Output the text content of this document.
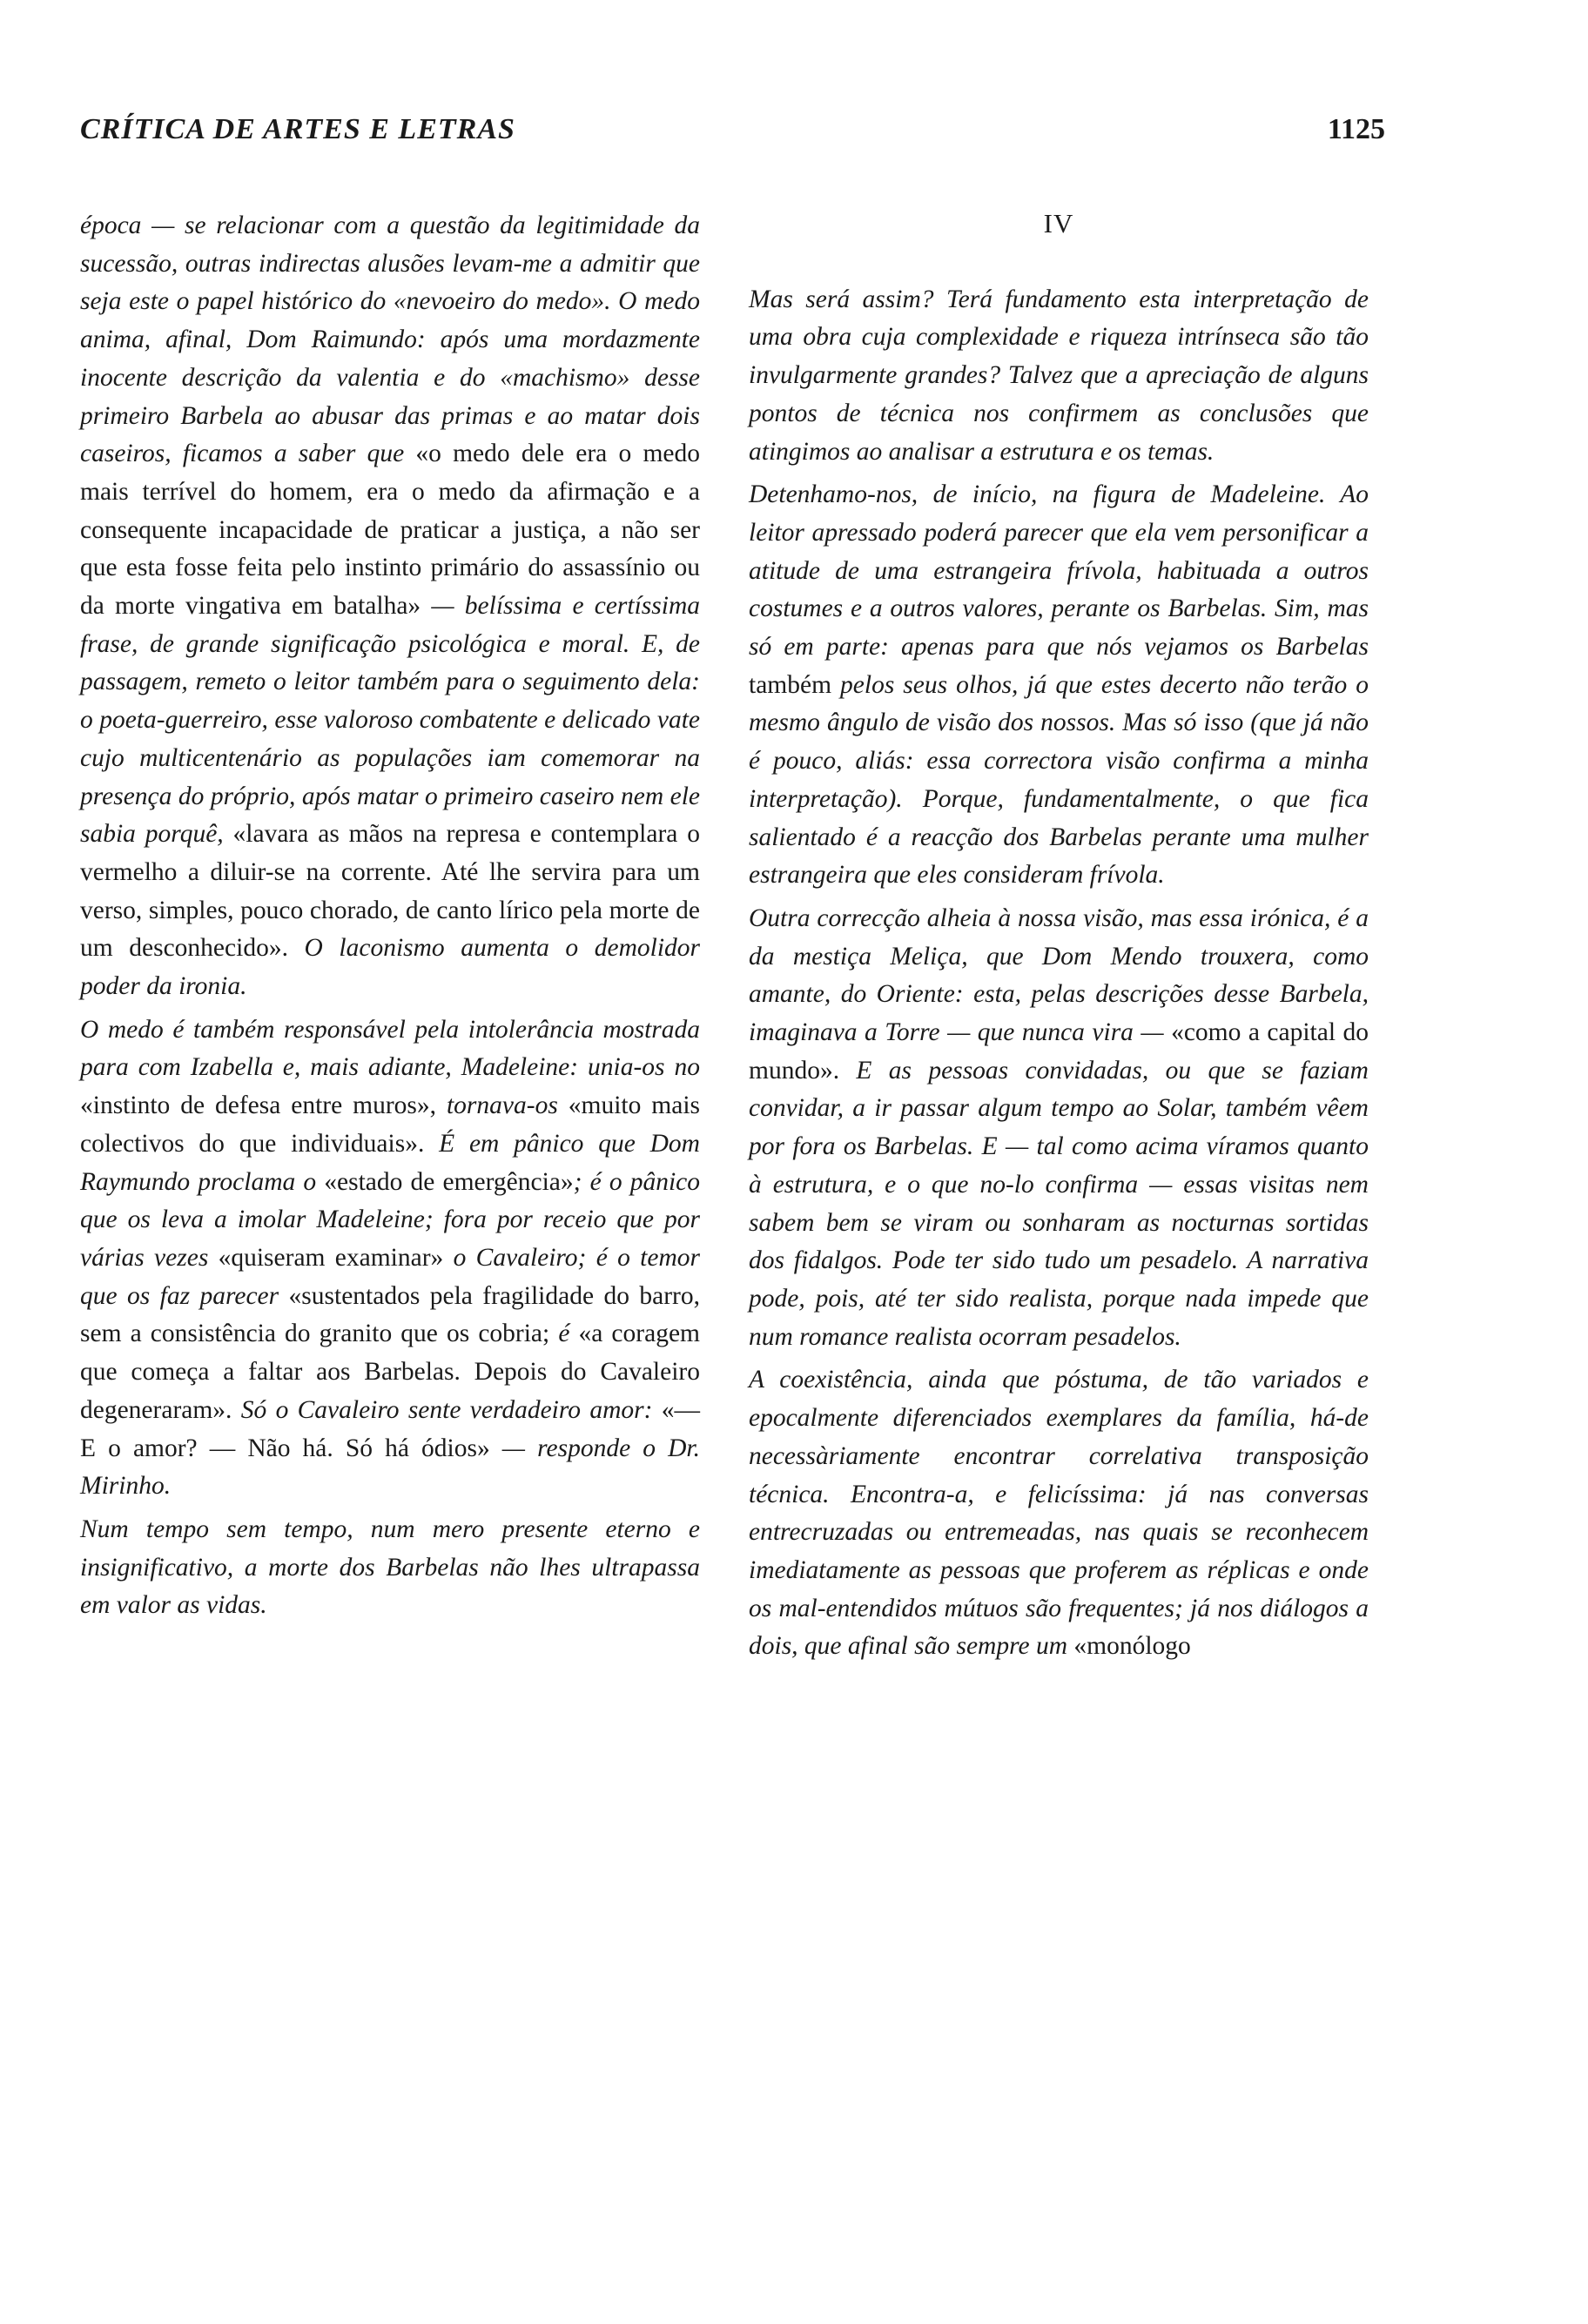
CRÍTICA DE ARTES E LETRAS	1125

época — se relacionar com a questão da legitimidade da sucessão, outras indirectas alusões levam-me a admitir que seja este o papel histórico do «nevoeiro do medo». O medo anima, afinal, Dom Raimundo: após uma mordazmente inocente descrição da valentia e do «machismo» desse primeiro Barbela ao abusar das primas e ao matar dois caseiros, ficamos a saber que «o medo dele era o medo mais terrível do homem, era o medo da afirmação e a consequente incapacidade de praticar a justiça, a não ser que esta fosse feita pelo instinto primário do assassínio ou da morte vingativa em batalha» — belíssima e certíssima frase, de grande significação psicológica e moral. E, de passagem, remeto o leitor também para o seguimento dela: o poeta-guerreiro, esse valoroso combatente e delicado vate cujo multicentenário as populações iam comemorar na presença do próprio, após matar o primeiro caseiro nem ele sabia porquê, «lavara as mãos na represa e contemplara o vermelho a diluir-se na corrente. Até lhe servira para um verso, simples, pouco chorado, de canto lírico pela morte de um desconhecido». O laconismo aumenta o demolidor poder da ironia.

O medo é também responsável pela intolerância mostrada para com Izabella e, mais adiante, Madeleine: unia-os no «instinto de defesa entre muros», tornava-os «muito mais colectivos do que individuais». É em pânico que Dom Raymundo proclama o «estado de emergência»; é o pânico que os leva a imolar Madeleine; fora por receio que por várias vezes «quiseram examinar» o Cavaleiro; é o temor que os faz parecer «sustentados pela fragilidade do barro, sem a consistência do granito que os cobria; é «a coragem que começa a faltar aos Barbelas. Depois do Cavaleiro degeneraram». Só o Cavaleiro sente verdadeiro amor: «— E o amor? — Não há. Só há ódios» — responde o Dr. Mirinho.

Num tempo sem tempo, num mero presente eterno e insignificativo, a morte dos Barbelas não lhes ultrapassa em valor as vidas.

IV

Mas será assim? Terá fundamento esta interpretação de uma obra cuja complexidade e riqueza intrínseca são tão invulgarmente grandes? Talvez que a apreciação de alguns pontos de técnica nos confirmem as conclusões que atingimos ao analisar a estrutura e os temas.

Detenhamo-nos, de início, na figura de Madeleine. Ao leitor apressado poderá parecer que ela vem personificar a atitude de uma estrangeira frívola, habituada a outros costumes e a outros valores, perante os Barbelas. Sim, mas só em parte: apenas para que nós vejamos os Barbelas também pelos seus olhos, já que estes decerto não terão o mesmo ângulo de visão dos nossos. Mas só isso (que já não é pouco, aliás: essa correctora visão confirma a minha interpretação). Porque, fundamentalmente, o que fica salientado é a reacção dos Barbelas perante uma mulher estrangeira que eles consideram frívola.

Outra correcção alheia à nossa visão, mas essa irónica, é a da mestiça Meliça, que Dom Mendo trouxera, como amante, do Oriente: esta, pelas descrições desse Barbela, imaginava a Torre — que nunca vira — «como a capital do mundo». E as pessoas convidadas, ou que se faziam convidar, a ir passar algum tempo ao Solar, também vêem por fora os Barbelas. E — tal como acima víramos quanto à estrutura, e o que no-lo confirma — essas visitas nem sabem bem se viram ou sonharam as nocturnas sortidas dos fidalgos. Pode ter sido tudo um pesadelo. A narrativa pode, pois, até ter sido realista, porque nada impede que num romance realista ocorram pesadelos.

A coexistência, ainda que póstuma, de tão variados e epocalmente diferenciados exemplares da família, há-de necessàriamente encontrar correlativa transposição técnica. Encontra-a, e felicíssima: já nas conversas entrecruzadas ou entremeadas, nas quais se reconhecem imediatamente as pessoas que proferem as réplicas e onde os mal-entendidos mútuos são frequentes; já nos diálogos a dois, que afinal são sempre um «monólogo
